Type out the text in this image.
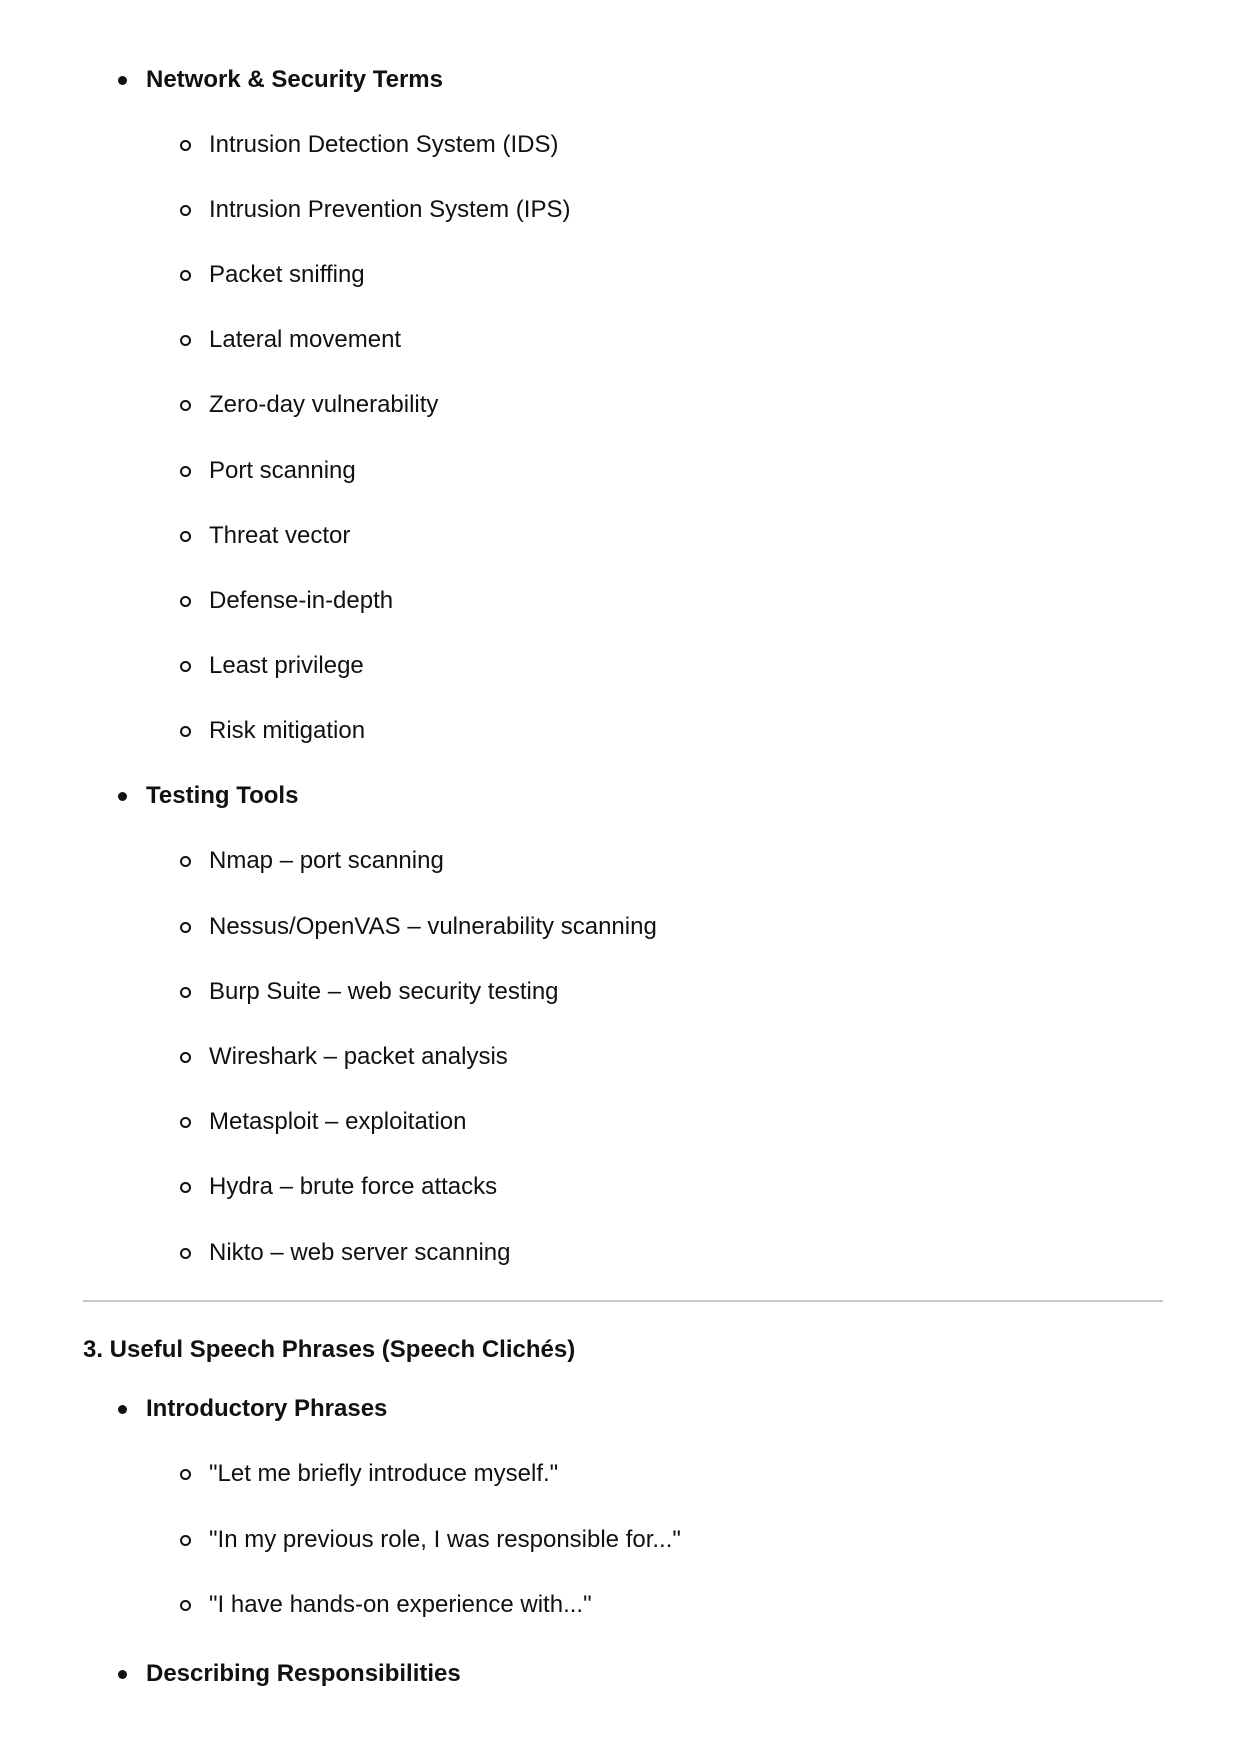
Network & Security Terms
Intrusion Detection System (IDS)
Intrusion Prevention System (IPS)
Packet sniffing
Lateral movement
Zero-day vulnerability
Port scanning
Threat vector
Defense-in-depth
Least privilege
Risk mitigation
Testing Tools
Nmap – port scanning
Nessus/OpenVAS – vulnerability scanning
Burp Suite – web security testing
Wireshark – packet analysis
Metasploit – exploitation
Hydra – brute force attacks
Nikto – web server scanning
3. Useful Speech Phrases (Speech Clichés)
Introductory Phrases
"Let me briefly introduce myself."
"In my previous role, I was responsible for..."
"I have hands-on experience with..."
Describing Responsibilities
